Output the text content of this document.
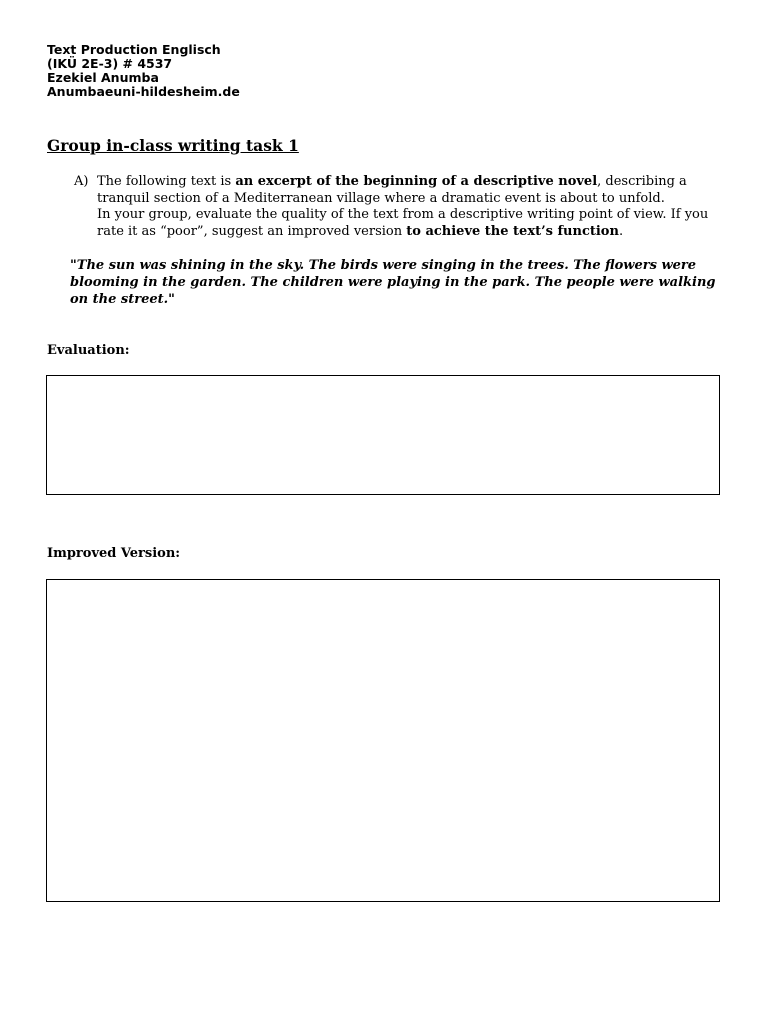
Text Production Englisch
(IKÜ 2E-3) # 4537
Ezekiel Anumba
Anumbaeuni-hildesheim.de
Group in-class writing task 1
A) The following text is an excerpt of the beginning of a descriptive novel, describing a tranquil section of a Mediterranean village where a dramatic event is about to unfold.
In your group, evaluate the quality of the text from a descriptive writing point of view. If you rate it as “poor”, suggest an improved version to achieve the text’s function.
"The sun was shining in the sky. The birds were singing in the trees. The flowers were blooming in the garden. The children were playing in the park. The people were walking on the street."
Evaluation:
Improved Version:
